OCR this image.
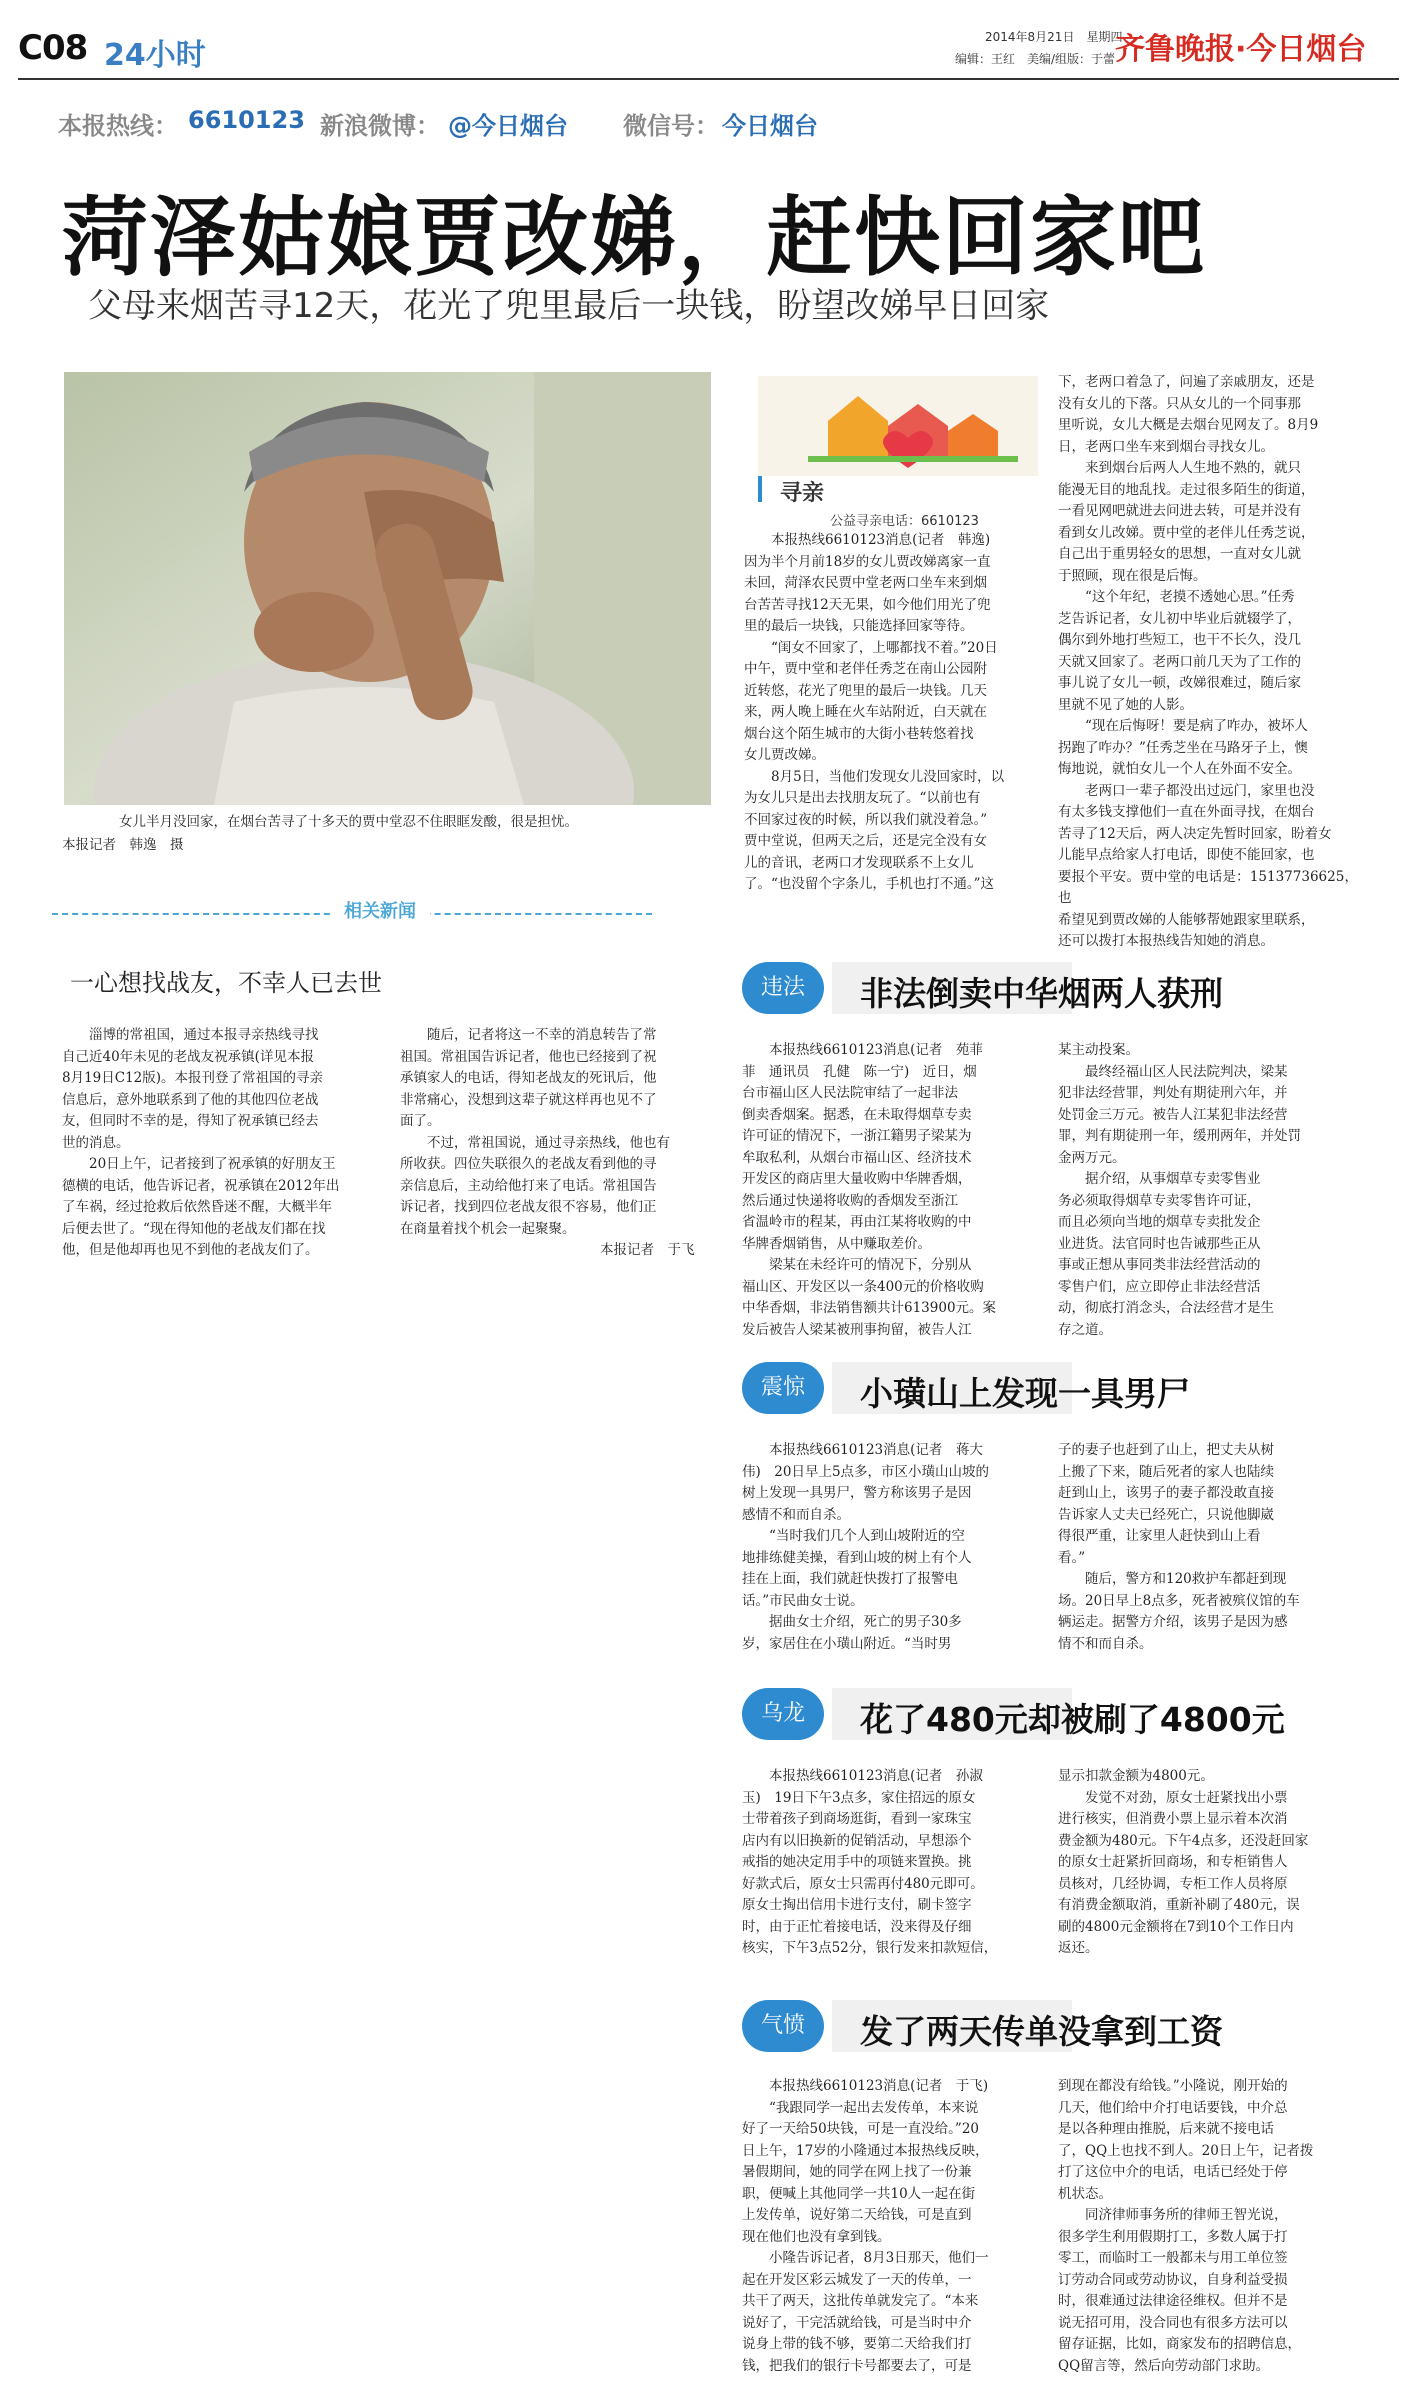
C08 24小时
2014年8月21日　星期四
编辑：王红　美编/组版：于蕾 齐鲁晚报·今日烟台
本报热线： 6610123 新浪微博： @今日烟台 微信号： 今日烟台
菏泽姑娘贾改娣，赶快回家吧
父母来烟苦寻12天，花光了兜里最后一块钱，盼望改娣早日回家
　　女儿半月没回家，在烟台苦寻了十多天的贾中堂忍不住眼眶发酸，很是担忧。
本报记者　韩逸　摄
寻亲
公益寻亲电话：6610123

　　本报热线6610123消息(记者　韩逸)
因为半个月前18岁的女儿贾改娣离家一直
未回，菏泽农民贾中堂老两口坐车来到烟
台苦苦寻找12天无果，如今他们用光了兜
里的最后一块钱，只能选择回家等待。
　　“闺女不回家了，上哪都找不着。”20日
中午，贾中堂和老伴任秀芝在南山公园附
近转悠，花光了兜里的最后一块钱。几天
来，两人晚上睡在火车站附近，白天就在
烟台这个陌生城市的大街小巷转悠着找
女儿贾改娣。
　　8月5日，当他们发现女儿没回家时，以
为女儿只是出去找朋友玩了。“以前也有
不回家过夜的时候，所以我们就没着急。”
贾中堂说，但两天之后，还是完全没有女
儿的音讯，老两口才发现联系不上女儿
了。“也没留个字条儿，手机也打不通。”这

下，老两口着急了，问遍了亲戚朋友，还是
没有女儿的下落。只从女儿的一个同事那
里听说，女儿大概是去烟台见网友了。8月9
日，老两口坐车来到烟台寻找女儿。
　　来到烟台后两人人生地不熟的，就只
能漫无目的地乱找。走过很多陌生的街道，
一看见网吧就进去问进去转，可是并没有
看到女儿改娣。贾中堂的老伴儿任秀芝说，
自己出于重男轻女的思想，一直对女儿就
于照顾，现在很是后悔。
　　“这个年纪，老摸不透她心思。”任秀
芝告诉记者，女儿初中毕业后就辍学了，
偶尔到外地打些短工，也干不长久，没几
天就又回家了。老两口前几天为了工作的
事儿说了女儿一顿，改娣很难过，随后家
里就不见了她的人影。
　　“现在后悔呀！要是病了咋办，被坏人
拐跑了咋办？”任秀芝坐在马路牙子上，懊
悔地说，就怕女儿一个人在外面不安全。
　　老两口一辈子都没出过远门，家里也没
有太多钱支撑他们一直在外面寻找，在烟台
苦寻了12天后，两人决定先暂时回家，盼着女
儿能早点给家人打电话，即使不能回家，也
要报个平安。贾中堂的电话是：15137736625，也
希望见到贾改娣的人能够帮她跟家里联系，
还可以拨打本报热线告知她的消息。

相关新闻
一心想找战友，不幸人已去世

　　淄博的常祖国，通过本报寻亲热线寻找
自己近40年未见的老战友祝承镇(详见本报
8月19日C12版)。本报刊登了常祖国的寻亲
信息后，意外地联系到了他的其他四位老战
友，但同时不幸的是，得知了祝承镇已经去
世的消息。
　　20日上午，记者接到了祝承镇的好朋友王
德横的电话，他告诉记者，祝承镇在2012年出
了车祸，经过抢救后依然昏迷不醒，大概半年
后便去世了。“现在得知他的老战友们都在找
他，但是他却再也见不到他的老战友们了。

　　随后，记者将这一不幸的消息转告了常
祖国。常祖国告诉记者，他也已经接到了祝
承镇家人的电话，得知老战友的死讯后，他
非常痛心，没想到这辈子就这样再也见不了
面了。
　　不过，常祖国说，通过寻亲热线，他也有
所收获。四位失联很久的老战友看到他的寻
亲信息后，主动给他打来了电话。常祖国告
诉记者，找到四位老战友很不容易，他们正
在商量着找个机会一起聚聚。

本报记者　于飞
违法	非法倒卖中华烟两人获刑

　　本报热线6610123消息(记者　苑菲
菲　通讯员　孔健　陈一宁)　近日，烟
台市福山区人民法院审结了一起非法
倒卖香烟案。据悉，在未取得烟草专卖
许可证的情况下，一浙江籍男子梁某为
牟取私利，从烟台市福山区、经济技术
开发区的商店里大量收购中华牌香烟，
然后通过快递将收购的香烟发至浙江
省温岭市的程某，再由江某将收购的中
华牌香烟销售，从中赚取差价。
　　梁某在未经许可的情况下，分别从
福山区、开发区以一条400元的价格收购
中华香烟，非法销售额共计613900元。案
发后被告人梁某被刑事拘留，被告人江

某主动投案。
　　最终经福山区人民法院判决，梁某
犯非法经营罪，判处有期徒刑六年，并
处罚金三万元。被告人江某犯非法经营
罪，判有期徒刑一年，缓刑两年，并处罚
金两万元。
　　据介绍，从事烟草专卖零售业
务必须取得烟草专卖零售许可证，
而且必须向当地的烟草专卖批发企
业进货。法官同时也告诫那些正从
事或正想从事同类非法经营活动的
零售户们，应立即停止非法经营活
动，彻底打消念头，合法经营才是生
存之道。

震惊	小璜山上发现一具男尸

　　本报热线6610123消息(记者　蒋大
伟)　20日早上5点多，市区小璜山山坡的
树上发现一具男尸，警方称该男子是因
感情不和而自杀。
　　“当时我们几个人到山坡附近的空
地排练健美操，看到山坡的树上有个人
挂在上面，我们就赶快拨打了报警电
话。”市民曲女士说。
　　据曲女士介绍，死亡的男子30多
岁，家居住在小璜山附近。“当时男

子的妻子也赶到了山上，把丈夫从树
上搬了下来，随后死者的家人也陆续
赶到山上，该男子的妻子都没敢直接
告诉家人丈夫已经死亡，只说他脚崴
得很严重，让家里人赶快到山上看
看。”
　　随后，警方和120救护车都赶到现
场。20日早上8点多，死者被殡仪馆的车
辆运走。据警方介绍，该男子是因为感
情不和而自杀。

乌龙	花了480元却被刷了4800元

　　本报热线6610123消息(记者　孙淑
玉)　19日下午3点多，家住招远的原女
士带着孩子到商场逛街，看到一家珠宝
店内有以旧换新的促销活动，早想添个
戒指的她决定用手中的项链来置换。挑
好款式后，原女士只需再付480元即可。
原女士掏出信用卡进行支付，刷卡签字
时，由于正忙着接电话，没来得及仔细
核实，下午3点52分，银行发来扣款短信，

显示扣款金额为4800元。
　　发觉不对劲，原女士赶紧找出小票
进行核实，但消费小票上显示着本次消
费金额为480元。下午4点多，还没赶回家
的原女士赶紧折回商场，和专柜销售人
员核对，几经协调，专柜工作人员将原
有消费金额取消，重新补刷了480元，误
刷的4800元金额将在7到10个工作日内
返还。

气愤	发了两天传单没拿到工资

　　本报热线6610123消息(记者　于飞)
　　“我跟同学一起出去发传单，本来说
好了一天给50块钱，可是一直没给。”20
日上午，17岁的小隆通过本报热线反映，
暑假期间，她的同学在网上找了一份兼
职，便喊上其他同学一共10人一起在街
上发传单，说好第二天给钱，可是直到
现在他们也没有拿到钱。
　　小隆告诉记者，8月3日那天，他们一
起在开发区彩云城发了一天的传单，一
共干了两天，这批传单就发完了。“本来
说好了，干完活就给钱，可是当时中介
说身上带的钱不够，要第二天给我们打
钱，把我们的银行卡号都要去了，可是

到现在都没有给钱。”小隆说，刚开始的
几天，他们给中介打电话要钱，中介总
是以各种理由推脱，后来就不接电话
了，QQ上也找不到人。20日上午，记者拨
打了这位中介的电话，电话已经处于停
机状态。
　　同济律师事务所的律师王智光说，
很多学生利用假期打工，多数人属于打
零工，而临时工一般都未与用工单位签
订劳动合同或劳动协议，自身利益受损
时，很难通过法律途径维权。但并不是
说无招可用，没合同也有很多方法可以
留存证据，比如，商家发布的招聘信息，
QQ留言等，然后向劳动部门求助。
